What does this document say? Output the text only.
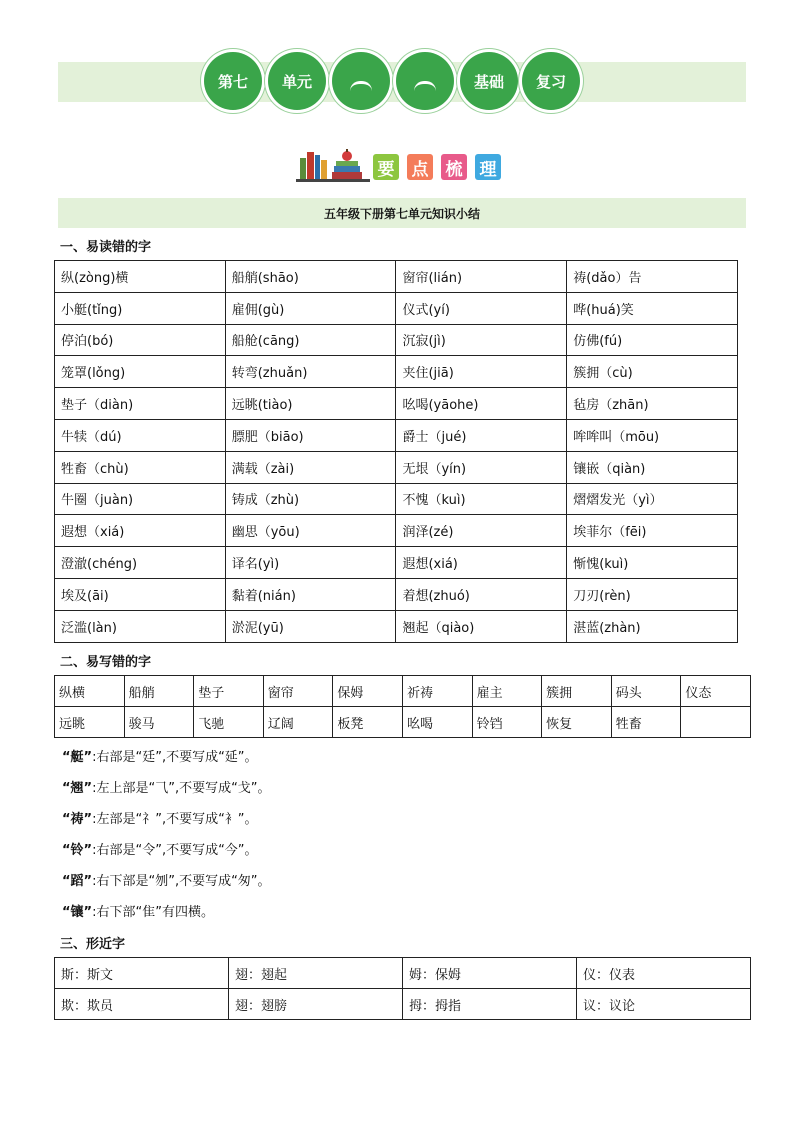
第七 单元	基础 复习
要 点 梳 理
五年级下册第七单元知识小结
一、易读错的字
纵(zòng)横	船艄(shāo)	窗帘(lián)	祷(dǎo）告
小艇(tǐng)	雇佣(gù)	仪式(yí)	哗(huá)笑
停泊(bó)	船舱(cāng)	沉寂(jì)	仿佛(fú)
笼罩(lǒng)	转弯(zhuǎn)	夹住(jiā)	簇拥（cù)
垫子（diàn)	远眺(tiào)	吆喝(yāohe)	毡房（zhān)
牛犊（dú)	膘肥（biāo)	爵士（jué)	哞哞叫（mōu)
牲畜（chù)	满载（zài)	无垠（yín)	镶嵌（qiàn)
牛圈（juàn)	铸成（zhù)	不愧（kuì)	熠熠发光（yì）
遐想（xiá)	幽思（yōu)	润泽(zé)	埃菲尔（fēi)
澄澈(chéng)	译名(yì)	遐想(xiá)	惭愧(kuì)
埃及(āi)	黏着(nián)	着想(zhuó)	刀刃(rèn)
泛滥(làn)	淤泥(yū)	翘起（qiào)	湛蓝(zhàn)
二、易写错的字
纵横	船艄	垫子	窗帘	保姆	祈祷	雇主	簇拥	码头	仪态
远眺	骏马	飞驰	辽阔	板凳	吆喝	铃铛	恢复	牲畜	
“艇”:右部是“廷”,不要写成“延”。
“翘”:左上部是“⺄”,不要写成“戈”。
“祷”:左部是“礻”,不要写成“衤”。
“铃”:右部是“令”,不要写成“今”。
“蹈”:右下部是“刎”,不要写成“匆”。
“镶”:右下部“隹”有四横。
三、形近字
斯：斯文	翅：翅起	姆：保姆	仪：仪表
欺：欺员	翅：翅膀	拇：拇指	议：议论
